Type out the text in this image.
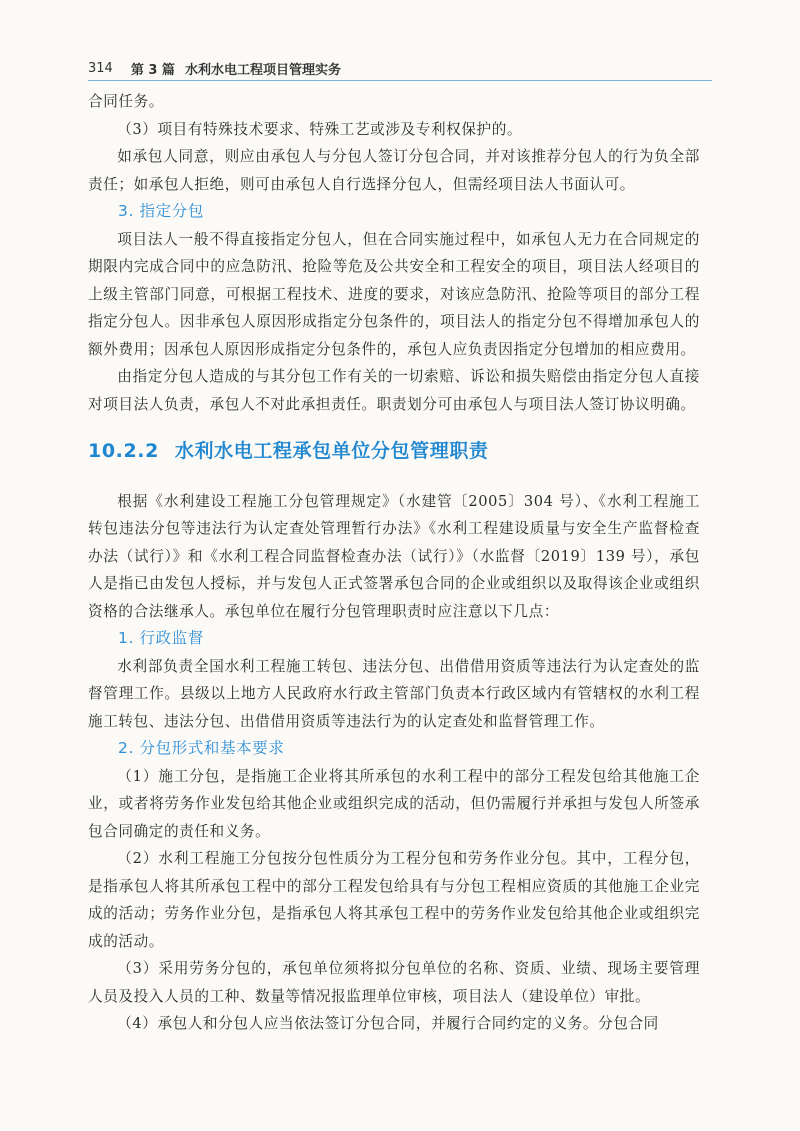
314 第 3 篇 水利水电工程项目管理实务

合同任务。

（3）项目有特殊技术要求、特殊工艺或涉及专利权保护的。

如承包人同意，则应由承包人与分包人签订分包合同，并对该推荐分包人的行为负全部责任；如承包人拒绝，则可由承包人自行选择分包人，但需经项目法人书面认可。

3. 指定分包

项目法人一般不得直接指定分包人，但在合同实施过程中，如承包人无力在合同规定的期限内完成合同中的应急防汛、抢险等危及公共安全和工程安全的项目，项目法人经项目的上级主管部门同意，可根据工程技术、进度的要求，对该应急防汛、抢险等项目的部分工程指定分包人。因非承包人原因形成指定分包条件的，项目法人的指定分包不得增加承包人的额外费用；因承包人原因形成指定分包条件的，承包人应负责因指定分包增加的相应费用。

由指定分包人造成的与其分包工作有关的一切索赔、诉讼和损失赔偿由指定分包人直接对项目法人负责，承包人不对此承担责任。职责划分可由承包人与项目法人签订协议明确。

10.2.2 水利水电工程承包单位分包管理职责

根据《水利建设工程施工分包管理规定》（水建管〔2005〕304 号）、《水利工程施工转包违法分包等违法行为认定查处管理暂行办法》《水利工程建设质量与安全生产监督检查办法（试行）》和《水利工程合同监督检查办法（试行）》（水监督〔2019〕139 号），承包人是指已由发包人授标，并与发包人正式签署承包合同的企业或组织以及取得该企业或组织资格的合法继承人。承包单位在履行分包管理职责时应注意以下几点：

1. 行政监督

水利部负责全国水利工程施工转包、违法分包、出借借用资质等违法行为认定查处的监督管理工作。县级以上地方人民政府水行政主管部门负责本行政区域内有管辖权的水利工程施工转包、违法分包、出借借用资质等违法行为的认定查处和监督管理工作。

2. 分包形式和基本要求

（1）施工分包，是指施工企业将其所承包的水利工程中的部分工程发包给其他施工企业，或者将劳务作业发包给其他企业或组织完成的活动，但仍需履行并承担与发包人所签承包合同确定的责任和义务。

（2）水利工程施工分包按分包性质分为工程分包和劳务作业分包。其中，工程分包，是指承包人将其所承包工程中的部分工程发包给具有与分包工程相应资质的其他施工企业完成的活动；劳务作业分包，是指承包人将其承包工程中的劳务作业发包给其他企业或组织完成的活动。

（3）采用劳务分包的，承包单位须将拟分包单位的名称、资质、业绩、现场主要管理人员及投入人员的工种、数量等情况报监理单位审核，项目法人（建设单位）审批。

（4）承包人和分包人应当依法签订分包合同，并履行合同约定的义务。分包合同
